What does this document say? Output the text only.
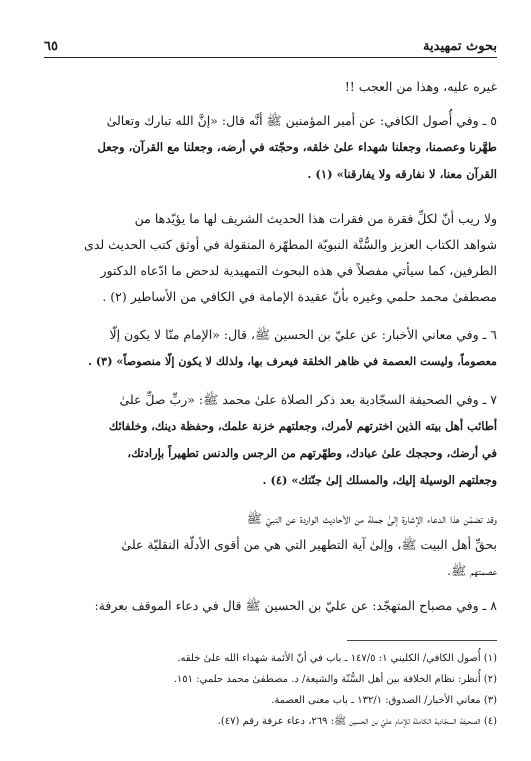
بحوث تمهيدية
٦٥

غيره عليه، وهذا من العجب !!

٥ ـ وفي أُصول الكافي: عن أمير المؤمنين ﷺ أنَّه قال: «إنَّ الله تبارك وتعالىٰ
طهَّرنا وعصمنا، وجعلنا شهداء علىٰ خلقه، وحجّته في أرضه، وجعلنا مع القرآن، وجعل
القرآن معنا، لا نفارقه ولا يفارقنا» (١) .

ولا ريب أنّ لكلِّ فقرة من فقرات هذا الحديث الشريف لها ما يؤيّدها من
شواهد الكتاب العزيز والسُّنَّة النبويّة المطهّرة المنقولة في أوثق كتب الحديث لدى
الطرفين، كما سيأتي مفصلاً في هذه البحوث التمهيدية لدحض ما ادّعاه الدكتور
مصطفىٰ محمد حلمي وغيره بأنّ عقيدة الإمامة في الكافي من الأساطير (٢) .

٦ ـ وفي معاني الأخبار: عن عليّ بن الحسين ﷺ، قال: «الإمام منّا لا يكون إلّا
معصوماً، وليست العصمة في ظاهر الخلقة فيعرف بها، ولذلك لا يكون إلّا منصوصاً» (٣) .

٧ ـ وفي الصحيفة السجّادية بعد ذكر الصلاة علىٰ محمد ﷺ: «ربِّ صلِّ علىٰ
أطائب أهل بيته الذين اخترتهم لأمرك، وجعلتهم خزنة علمك، وحفظة دينك، وخلفائك
في أرضك، وحججك علىٰ عبادك، وطهّرتهم من الرجس والدنس تطهيراً بإرادتك،
وجعلتهم الوسيلة إليك، والمسلك إلىٰ جنّتك» (٤) .

وقد تضمّن هذا الدعاء الإشارة إلىٰ جملة من الأحاديث الواردة عن النبيّ ﷺ
بحقِّ أهل البيت ﷺ، وإلىٰ آية التطهير التي هي من أقوى الأدلّة النقليّة علىٰ
عصمتهم ﷺ.

٨ ـ وفي مصباح المتهجّد: عن عليّ بن الحسين ﷺ قال في دعاء الموقف بعرفة:

(١) أُصول الكافي/ الكليني ١: ١٤٧/٥ ـ باب في أنّ الأئمة شهداء الله علىٰ خلقه.
(٢) أُنظر: نظام الخلافة بين أهل السُّنّة والشيعة/ د. مصطفىٰ محمد حلمي: ١٥١.
(٣) معاني الأخبار/ الصدوق: ١٣٢/١ ـ باب معنى العصمة.
(٤) الصحيفة السجّادية الكاملة للإمام عليّ بن الحسين ﷺ: ٢٦٩، دعاء عرفة رقم (٤٧).
